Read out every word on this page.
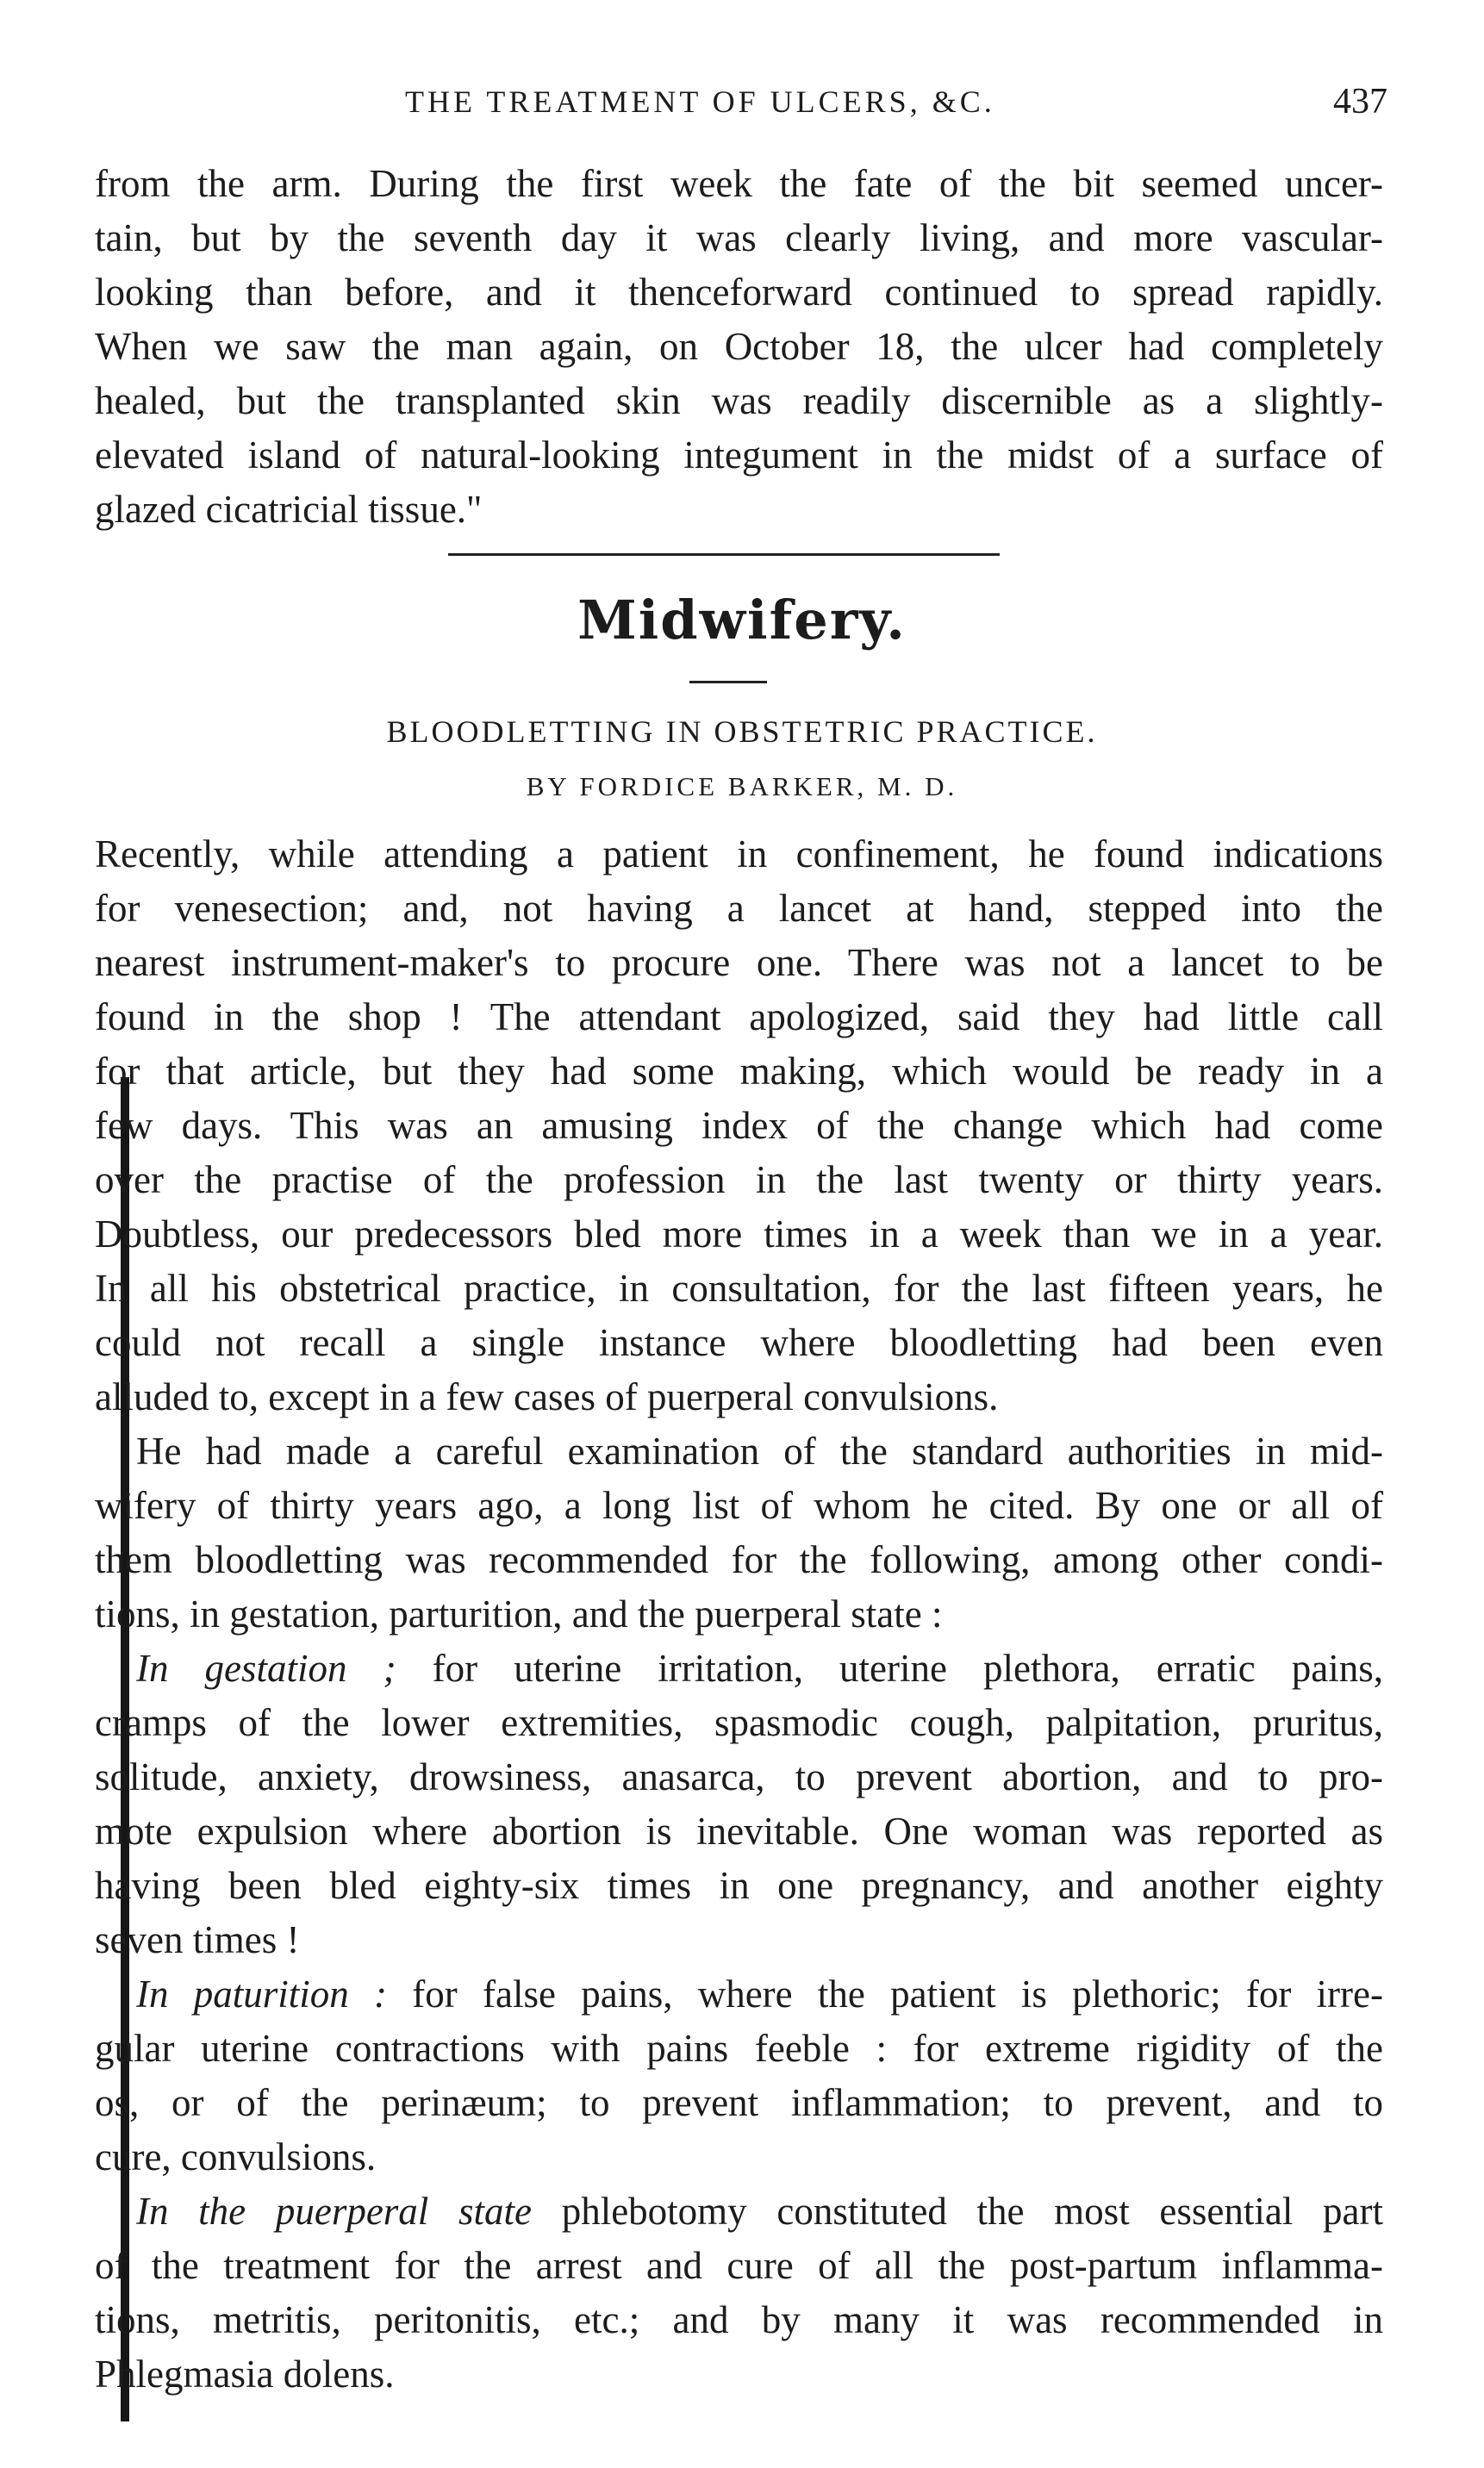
THE TREATMENT OF ULCERS, &C.	437
from the arm. During the first week the fate of the bit seemed uncer-
tain, but by the seventh day it was clearly living, and more vascular-
looking than before, and it thenceforward continued to spread rapidly.
When we saw the man again, on October 18, the ulcer had completely
healed, but the transplanted skin was readily discernible as a slightly-
elevated island of natural-looking integument in the midst of a surface of
glazed cicatricial tissue."
Midwifery.
BLOODLETTING IN OBSTETRIC PRACTICE.
BY FORDICE BARKER, M. D.
Recently, while attending a patient in confinement, he found indications
for venesection; and, not having a lancet at hand, stepped into the
nearest instrument-maker's to procure one. There was not a lancet to be
found in the shop ! The attendant apologized, said they had little call
for that article, but they had some making, which would be ready in a
few days. This was an amusing index of the change which had come
over the practise of the profession in the last twenty or thirty years.
Doubtless, our predecessors bled more times in a week than we in a year.
In all his obstetrical practice, in consultation, for the last fifteen years, he
could not recall a single instance where bloodletting had been even
alluded to, except in a few cases of puerperal convulsions.
He had made a careful examination of the standard authorities in mid-
wifery of thirty years ago, a long list of whom he cited. By one or all of
them bloodletting was recommended for the following, among other condi-
tions, in gestation, parturition, and the puerperal state :
In gestation ; for uterine irritation, uterine plethora, erratic pains,
cramps of the lower extremities, spasmodic cough, palpitation, pruritus,
solitude, anxiety, drowsiness, anasarca, to prevent abortion, and to pro-
mote expulsion where abortion is inevitable. One woman was reported as
having been bled eighty-six times in one pregnancy, and another eighty
seven times !
In paturition : for false pains, where the patient is plethoric; for irre-
gular uterine contractions with pains feeble : for extreme rigidity of the
os, or of the perinæum; to prevent inflammation; to prevent, and to
cure, convulsions.
In the puerperal state phlebotomy constituted the most essential part
of the treatment for the arrest and cure of all the post-partum inflamma-
tions, metritis, peritonitis, etc.; and by many it was recommended in
Phlegmasia dolens.
